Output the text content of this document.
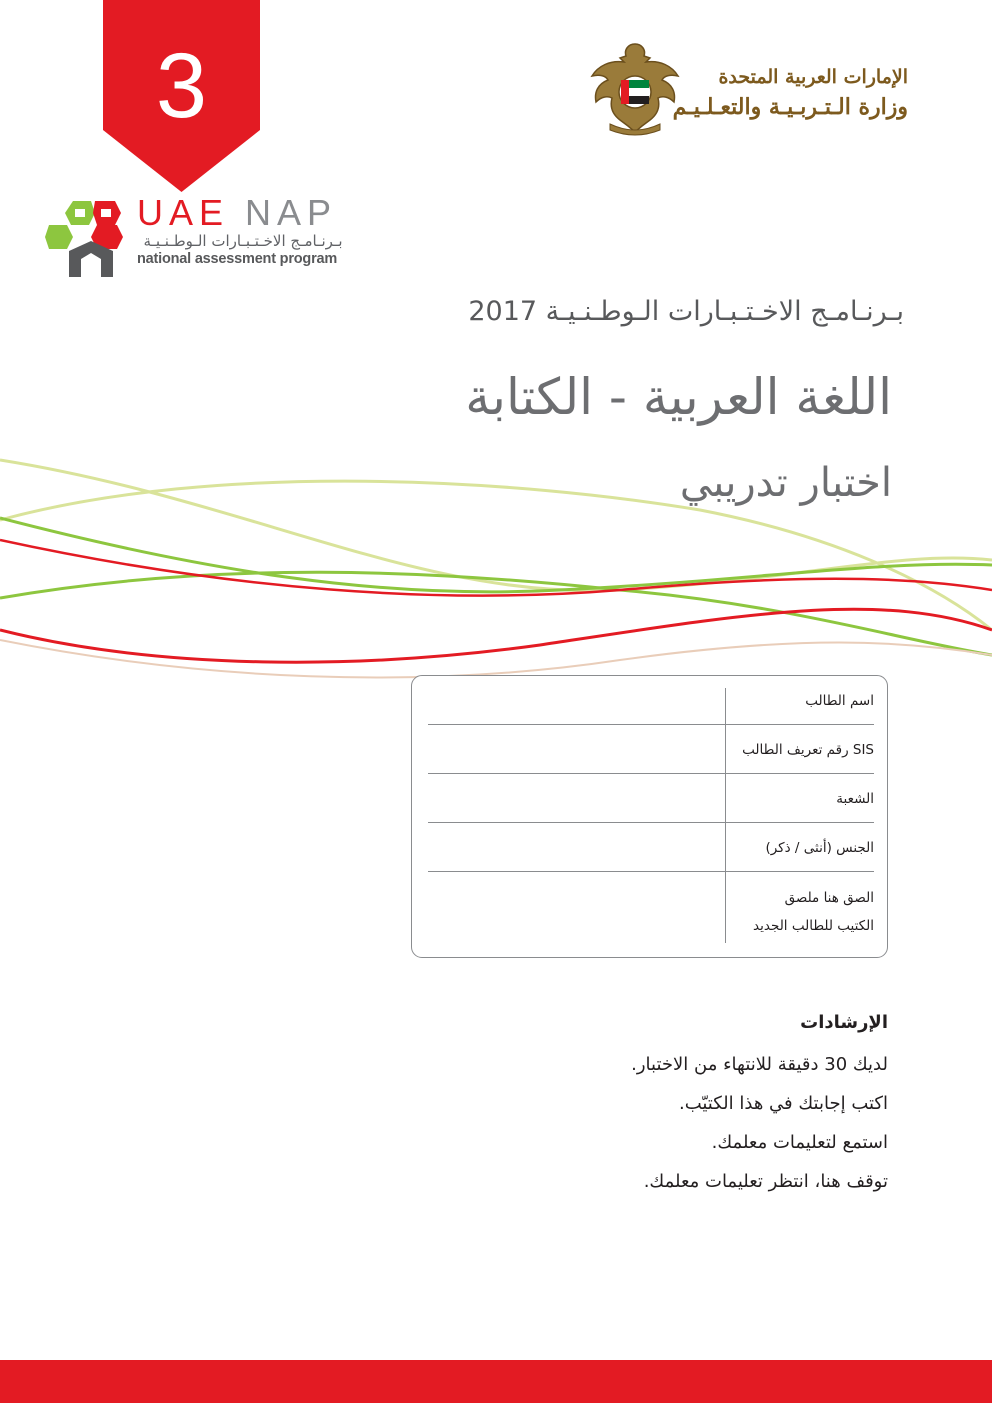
3
UAE NAP
بـرنـامـج الاخـتـبـارات الـوطـنـيـة
national assessment program
الإمارات العربية المتحدة
وزارة الـتـربـيـة والتعـلـيـم
بـرنـامـج الاخـتـبـارات الـوطـنـيـة 2017
اللغة العربية - الكتابة
اختبار تدريبي
اسم الطالب
SIS رقم تعريف الطالب
الشعبة
الجنس (أنثى / ذكر)
الصق هنا ملصق
الكتيب للطالب الجديد
الإرشادات

لديك 30 دقيقة للانتهاء من الاختبار.

اكتب إجابتك في هذا الكتيّب.

استمع لتعليمات معلمك.

توقف هنا، انتظر تعليمات معلمك.
